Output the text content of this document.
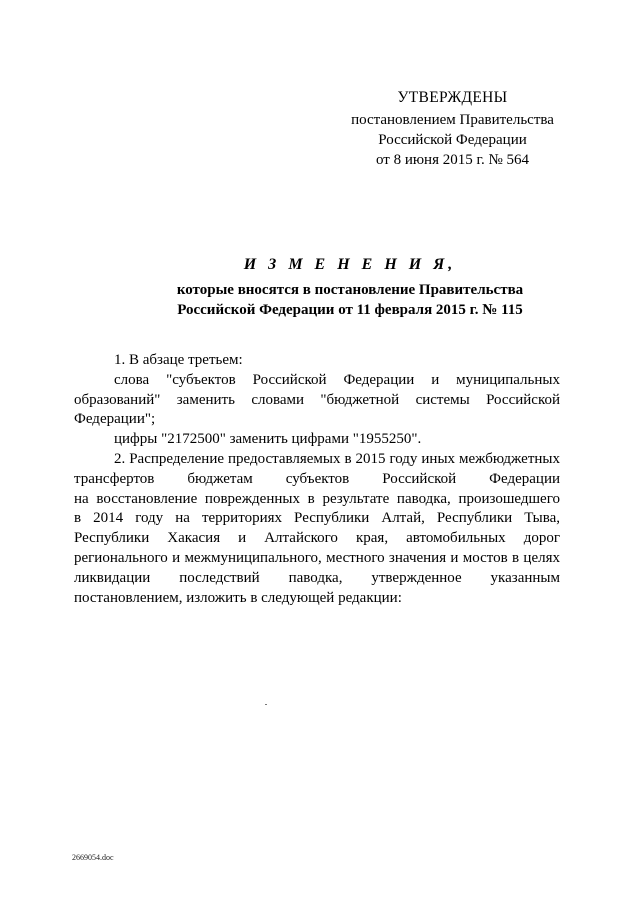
УТВЕРЖДЕНЫ
постановлением Правительства
Российской Федерации
от 8 июня 2015 г. № 564
И З М Е Н Е Н И Я,
которые вносятся в постановление Правительства
Российской Федерации от 11 февраля 2015 г. № 115

1. В абзаце третьем:

слова "субъектов Российской Федерации и муниципальных

образований" заменить словами "бюджетной системы Российской

Федерации";

цифры "2172500" заменить цифрами "1955250".

2. Распределение предоставляемых в 2015 году иных межбюджетных

трансфертов бюджетам субъектов Российской Федерации

на восстановление поврежденных в результате паводка, произошедшего

в 2014 году на территориях Республики Алтай, Республики Тыва,

Республики Хакасия и Алтайского края, автомобильных дорог

регионального и межмуниципального, местного значения и мостов в целях

ликвидации последствий паводка, утвержденное указанным

постановлением, изложить в следующей редакции:

2669054.doc
